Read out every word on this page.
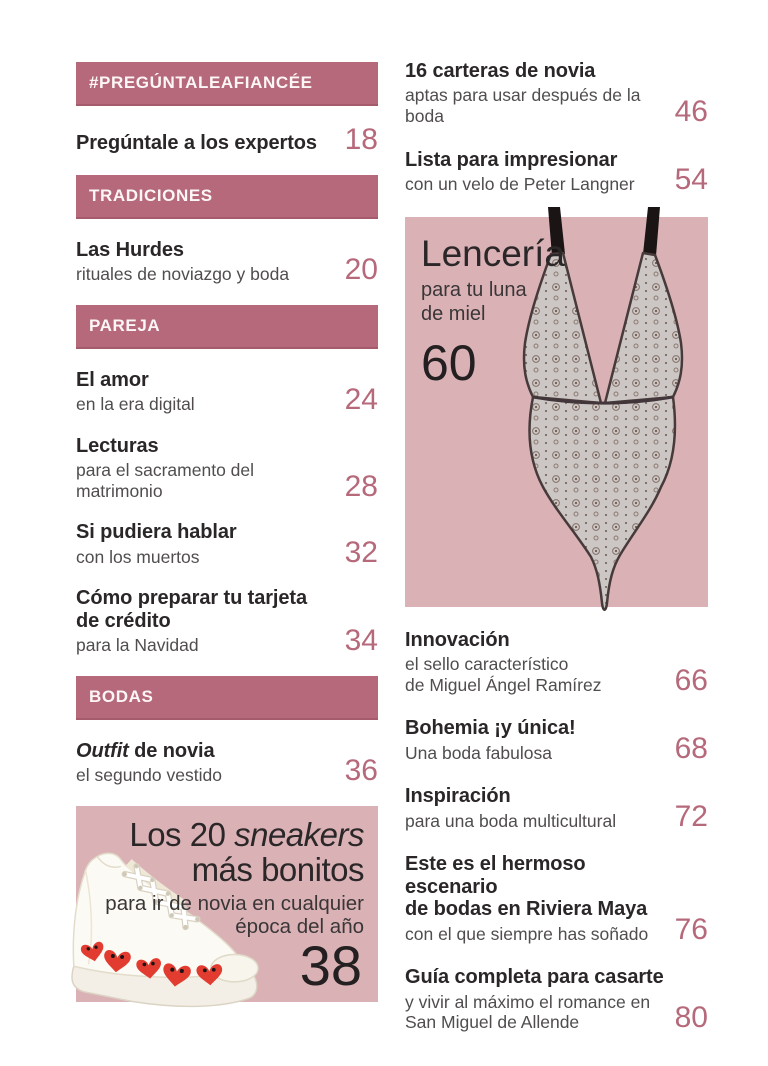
#PREGÚNTALEAFIANCÉE
Pregúntale a los expertos 18
TRADICIONES
Las Hurdes
rituales de noviazgo y boda	20
PAREJA
El amor
en la era digital	24
Lecturas
para el sacramento del matrimonio	28
Si pudiera hablar
con los muertos	32
Cómo preparar tu tarjeta
de crédito
para la Navidad	34
BODAS
Outfit de novia
el segundo vestido	36
Los 20 sneakers
más bonitos
para ir de novia en cualquier
época del año
38
16 carteras de novia
aptas para usar después de la boda	46
Lista para impresionar
con un velo de Peter Langner	54
Lencería
para tu luna
de miel
60
Innovación
el sello característico
de Miguel Ángel Ramírez	66
Bohemia ¡y única!
Una boda fabulosa	68
Inspiración
para una boda multicultural	72
Este es el hermoso escenario
de bodas en Riviera Maya
con el que siempre has soñado 76
Guía completa para casarte
y vivir al máximo el romance en
San Miguel de Allende	80
